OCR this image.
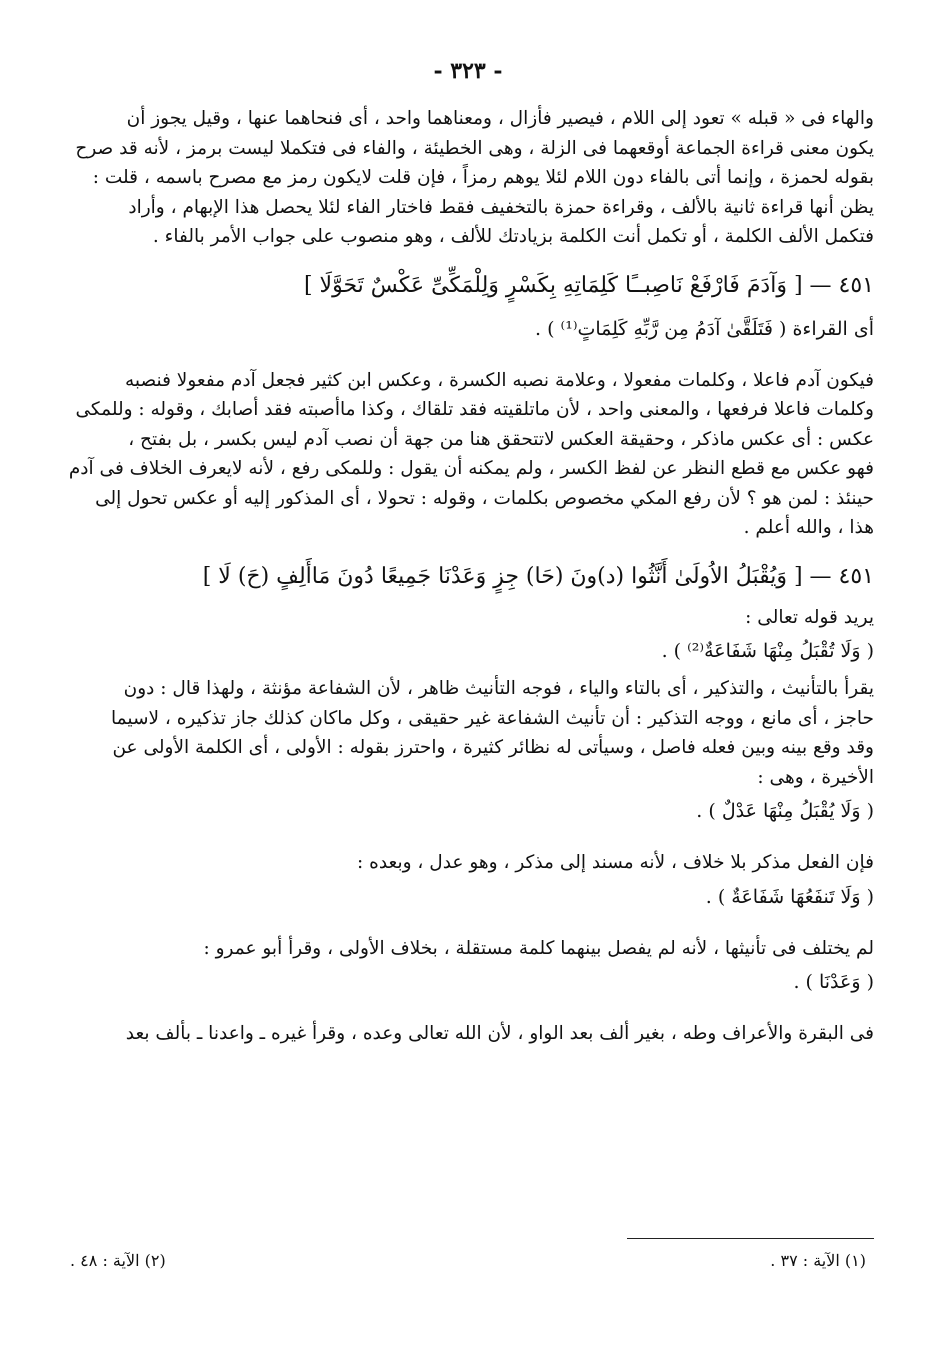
- ٣٢٣ -

والهاء فى « قبله » تعود إلى اللام ، فيصير فأزال ، ومعناهما واحد ، أى فنحاهما عنها ، وقيل يجوز أن

يكون معنى قراءة الجماعة أوقعهما فى الزلة ، وهى الخطيئة ، والفاء فى فتكملا ليست برمز ، لأنه قد صرح

بقوله لحمزة ، وإنما أتى بالفاء دون اللام لئلا يوهم رمزاً ، فإن قلت لايكون رمز مع مصرح باسمه ، قلت :

يظن أنها قراءة ثانية بالألف ، وقراءة حمزة بالتخفيف فقط فاختار الفاء لئلا يحصل هذا الإبهام ، وأراد

فتكمل الألف الكلمة ، أو تكمل أنت الكلمة بزيادتك للألف ، وهو منصوب على جواب الأمر بالفاء .

٤٥١ — [ وَآدَمَ فَارْفَعْ نَاصِبــًا كَلِمَاتِهِ بِكَسْرٍ وَلِلْمَكِّىِّ عَكْسٌ تَحَوَّلَا ]

أى القراءة ( فَتَلَقَّىٰ آدَمُ مِن رَّبِّهِ كَلِمَاتٍ⁽¹⁾ ) .

فيكون آدم فاعلا ، وكلمات مفعولا ، وعلامة نصبه الكسرة ، وعكس ابن كثير فجعل آدم مفعولا فنصبه

وكلمات فاعلا فرفعها ، والمعنى واحد ، لأن ماتلقيته فقد تلقاك ، وكذا ماأصبته فقد أصابك ، وقوله : وللمكى

عكس : أى عكس ماذكر ، وحقيقة العكس لاتتحقق هنا من جهة أن نصب آدم ليس بكسر ، بل بفتح ،

فهو عكس مع قطع النظر عن لفظ الكسر ، ولم يمكنه أن يقول : وللمكى رفع ، لأنه لايعرف الخلاف فى آدم

حينئذ : لمن هو ؟ لأن رفع المكي مخصوص بكلمات ، وقوله : تحولا ، أى المذكور إليه أو عكس تحول إلى

هذا ، والله أعلم .

٤٥١ — [ وَيُقْبَلُ الاُولَىٰ أَنَّثُوا (د)ونَ (حَا) جِزٍ وَعَدْنَا جَمِيعًا دُونَ مَاأَلِفٍ (حَ) لَا ]

يريد قوله تعالى :

( وَلَا تُقْبَلُ مِنْهَا شَفَاعَةٌ⁽²⁾ ) .

يقرأ بالتأنيث ، والتذكير ، أى بالتاء والياء ، فوجه التأنيث ظاهر ، لأن الشفاعة مؤنثة ، ولهذا قال : دون

حاجز ، أى مانع ، ووجه التذكير : أن تأنيث الشفاعة غير حقيقى ، وكل ماكان كذلك جاز تذكيره ، لاسيما

وقد وقع بينه وبين فعله فاصل ، وسيأتى له نظائر كثيرة ، واحترز بقوله : الأولى ، أى الكلمة الأولى عن

الأخيرة ، وهى :

( وَلَا يُقْبَلُ مِنْهَا عَدْلٌ ) .

فإن الفعل مذكر بلا خلاف ، لأنه مسند إلى مذكر ، وهو عدل ، وبعده :

( وَلَا تَنفَعُهَا شَفَاعَةٌ ) .

لم يختلف فى تأنيثها ، لأنه لم يفصل بينهما كلمة مستقلة ، بخلاف الأولى ، وقرأ أبو عمرو :

( وَعَدْنَا ) .

فى البقرة والأعراف وطه ، بغير ألف بعد الواو ، لأن الله تعالى وعده ، وقرأ غيره ـ واعدنا ـ بألف بعد

(١) الآية : ٣٧ .
(٢) الآية : ٤٨ .
